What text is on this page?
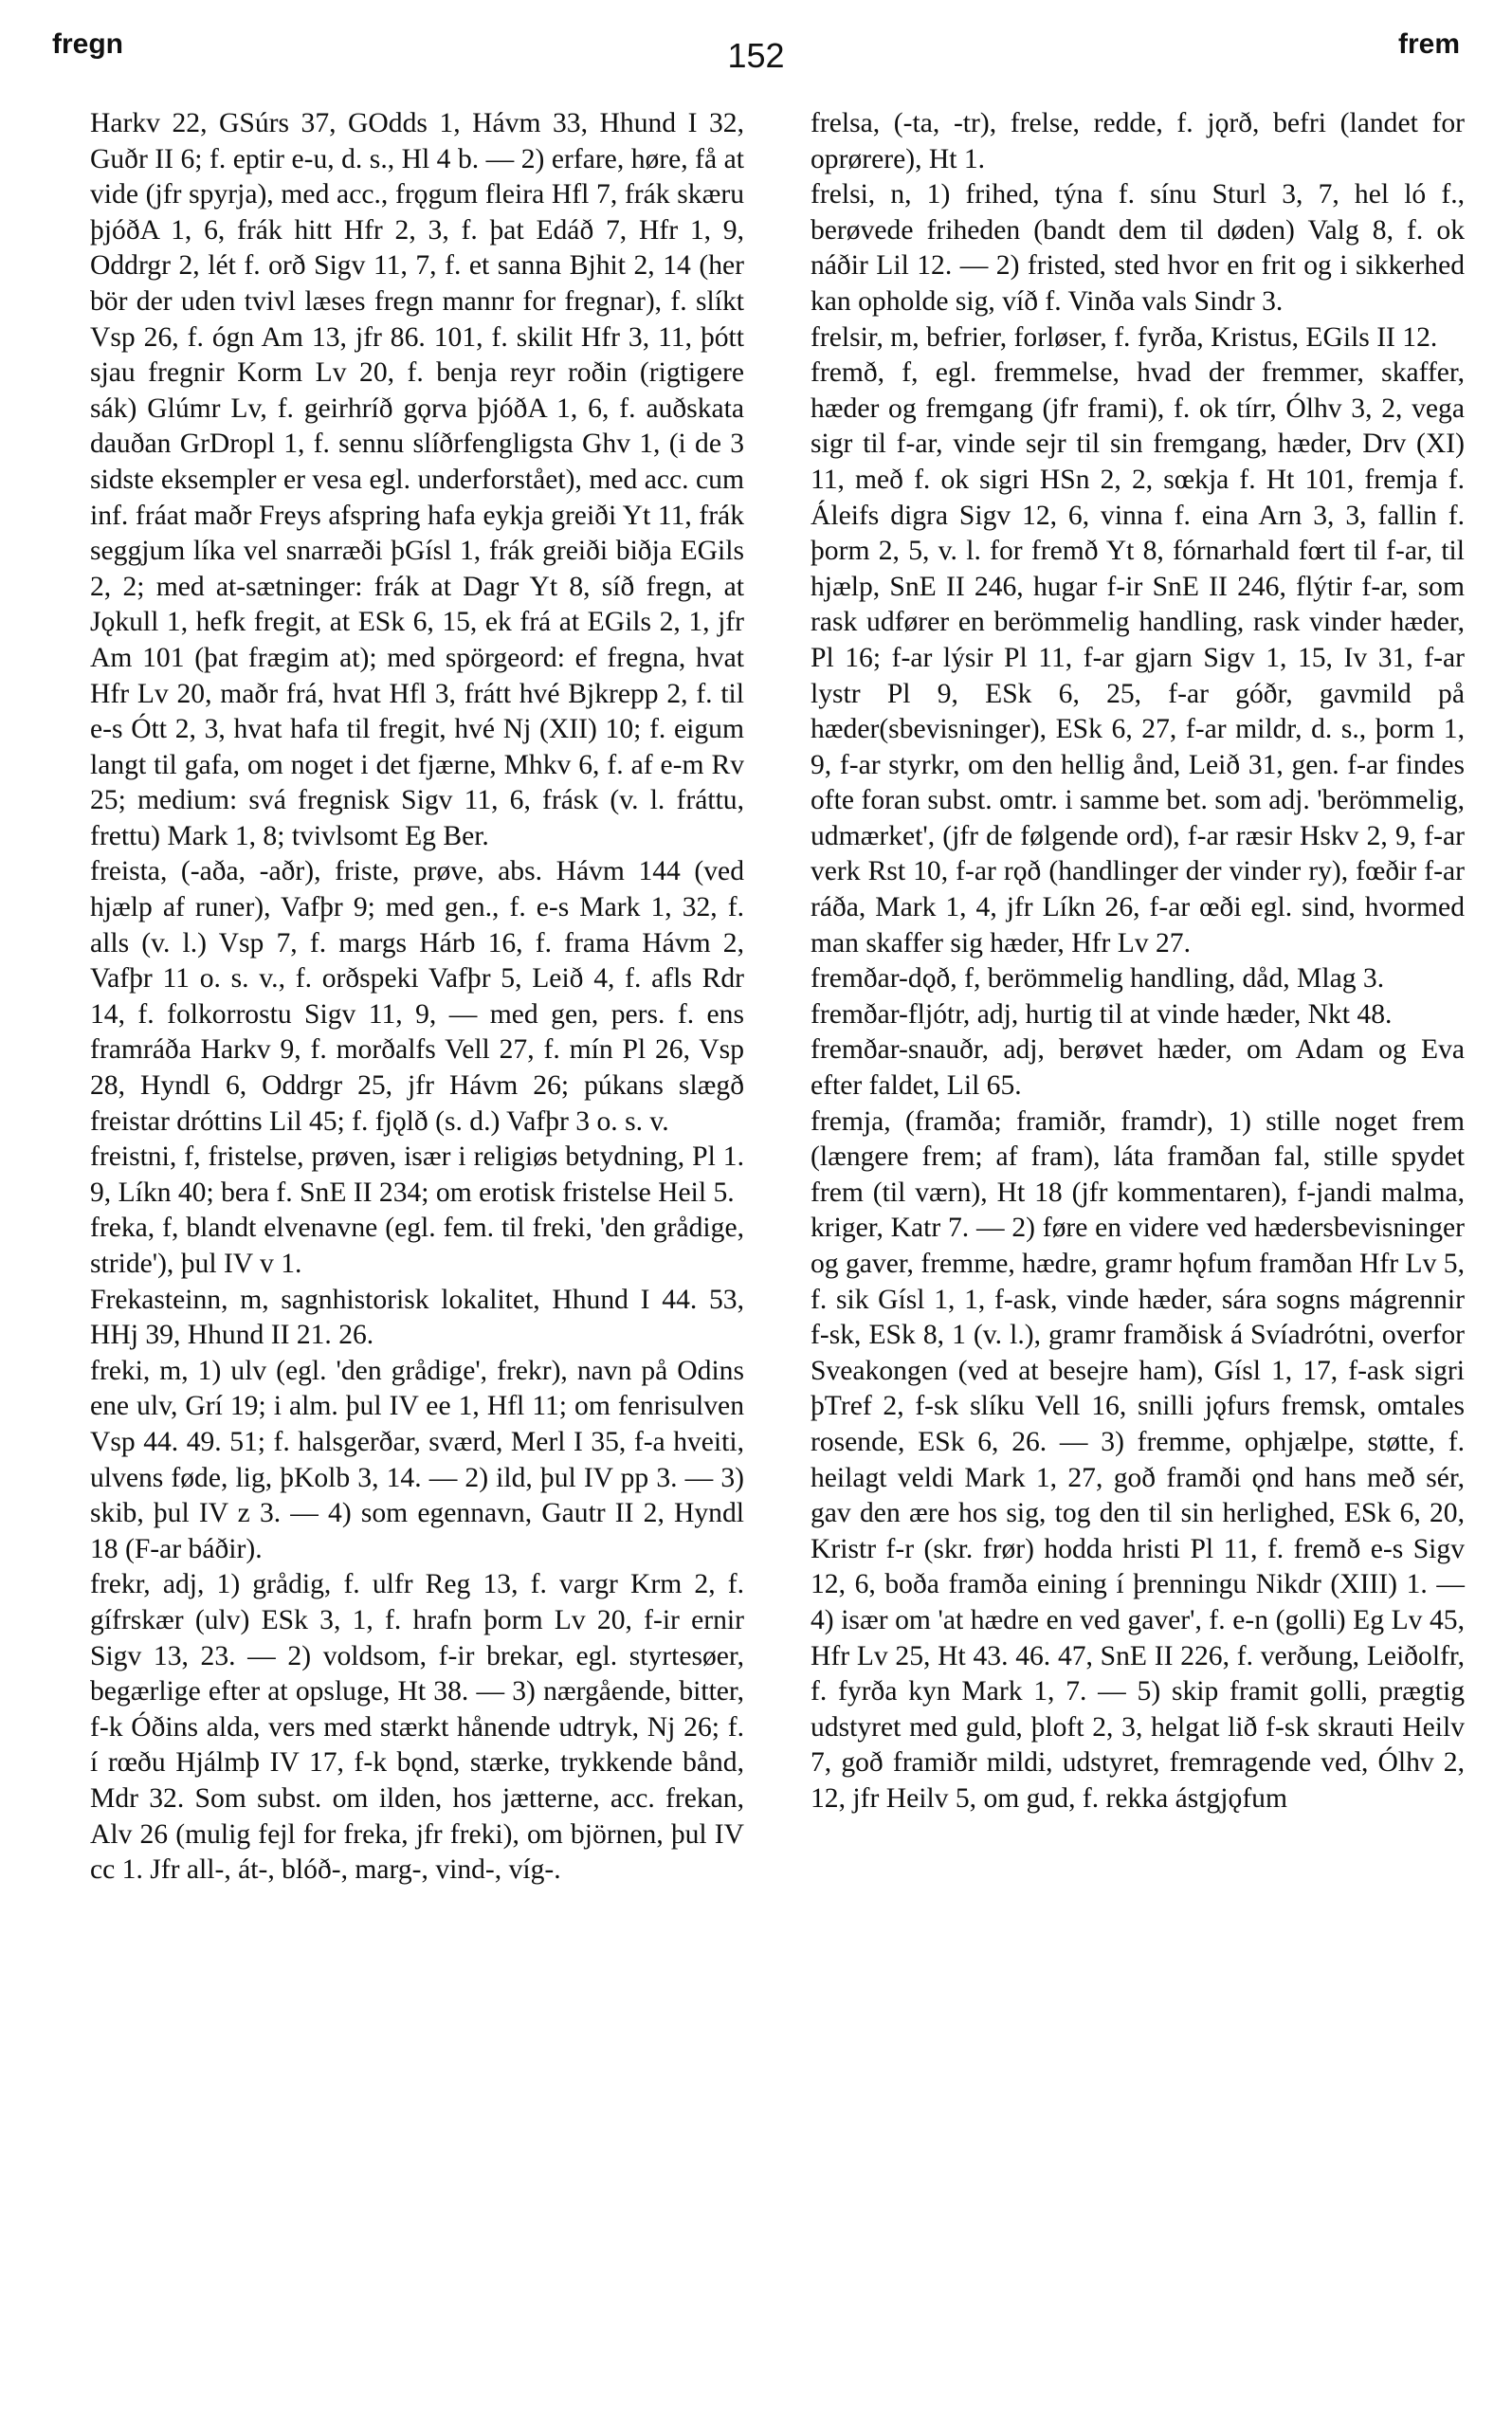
fregn	152	frem

Harkv 22, GSúrs 37, GOdds 1, Hávm 33, Hhund I 32, Guðr II 6; f. eptir e-u, d. s., Hl 4 b. — 2) erfare, høre, få at vide (jfr spyrja), med acc., frǫgum fleira Hfl 7, frák skæru þjóðA 1, 6, frák hitt Hfr 2, 3, f. þat Edáð 7, Hfr 1, 9, Oddrgr 2, lét f. orð Sigv 11, 7, f. et sanna Bjhit 2, 14 (her bör der uden tvivl læses fregn mannr for fregnar), f. slíkt Vsp 26, f. ógn Am 13, jfr 86. 101, f. skilit Hfr 3, 11, þótt sjau fregnir Korm Lv 20, f. benja reyr roðin (rigtigere sák) Glúmr Lv, f. geirhríð gǫrva þjóðA 1, 6, f. auðskata dauðan GrDropl 1, f. sennu slíðrfengligsta Ghv 1, (i de 3 sidste eksempler er vesa egl. underforstået), med acc. cum inf. fráat maðr Freys afspring hafa eykja greiði Yt 11, frák seggjum líka vel snarræði þGísl 1, frák greiði biðja EGils 2, 2; med at-sætninger: frák at Dagr Yt 8, síð fregn, at Jǫkull 1, hefk fregit, at ESk 6, 15, ek frá at EGils 2, 1, jfr Am 101 (þat frægim at); med spörgeord: ef fregna, hvat Hfr Lv 20, maðr frá, hvat Hfl 3, frátt hvé Bjkrepp 2, f. til e-s Ótt 2, 3, hvat hafa til fregit, hvé Nj (XII) 10; f. eigum langt til gafa, om noget i det fjærne, Mhkv 6, f. af e-m Rv 25; medium: svá fregnisk Sigv 11, 6, frásk (v. l. fráttu, frettu) Mark 1, 8; tvivlsomt Eg Ber.

freista, (-aða, -aðr), friste, prøve, abs. Hávm 144 (ved hjælp af runer), Vafþr 9; med gen., f. e-s Mark 1, 32, f. alls (v. l.) Vsp 7, f. margs Hárb 16, f. frama Hávm 2, Vafþr 11 o. s. v., f. orðspeki Vafþr 5, Leið 4, f. afls Rdr 14, f. folkorrostu Sigv 11, 9, — med gen, pers. f. ens framráða Harkv 9, f. morðalfs Vell 27, f. mín Pl 26, Vsp 28, Hyndl 6, Oddrgr 25, jfr Hávm 26; púkans slægð freistar dróttins Lil 45; f. fjǫlð (s. d.) Vafþr 3 o. s. v.

freistni, f, fristelse, prøven, især i religiøs betydning, Pl 1. 9, Líkn 40; bera f. SnE II 234; om erotisk fristelse Heil 5.

freka, f, blandt elvenavne (egl. fem. til freki, 'den grådige, stride'), þul IV v 1.

Frekasteinn, m, sagnhistorisk lokalitet, Hhund I 44. 53, HHj 39, Hhund II 21. 26.

freki, m, 1) ulv (egl. 'den grådige', frekr), navn på Odins ene ulv, Grí 19; i alm. þul IV ee 1, Hfl 11; om fenrisulven Vsp 44. 49. 51; f. halsgerðar, sværd, Merl I 35, f-a hveiti, ulvens føde, lig, þKolb 3, 14. — 2) ild, þul IV pp 3. — 3) skib, þul IV z 3. — 4) som egennavn, Gautr II 2, Hyndl 18 (F-ar báðir).

frekr, adj, 1) grådig, f. ulfr Reg 13, f. vargr Krm 2, f. gífrskær (ulv) ESk 3, 1, f. hrafn þorm Lv 20, f-ir ernir Sigv 13, 23. — 2) voldsom, f-ir brekar, egl. styrtesøer, begærlige efter at opsluge, Ht 38. — 3) nærgående, bitter, f-k Óðins alda, vers med stærkt hånende udtryk, Nj 26; f. í rœðu Hjálmþ IV 17, f-k bǫnd, stærke, trykkende bånd, Mdr 32. Som subst. om ilden, hos jætterne, acc. frekan, Alv 26 (mulig fejl for freka, jfr freki), om björnen, þul IV cc 1. Jfr all-, át-, blóð-, marg-, vind-, víg-.

frelsa, (-ta, -tr), frelse, redde, f. jǫrð, befri (landet for oprørere), Ht 1.

frelsi, n, 1) frihed, týna f. sínu Sturl 3, 7, hel ló f., berøvede friheden (bandt dem til døden) Valg 8, f. ok náðir Lil 12. — 2) fristed, sted hvor en frit og i sikkerhed kan opholde sig, víð f. Vinða vals Sindr 3.

frelsir, m, befrier, forløser, f. fyrða, Kristus, EGils II 12.

fremð, f, egl. fremmelse, hvad der fremmer, skaffer, hæder og fremgang (jfr frami), f. ok tírr, Ólhv 3, 2, vega sigr til f-ar, vinde sejr til sin fremgang, hæder, Drv (XI) 11, með f. ok sigri HSn 2, 2, sœkja f. Ht 101, fremja f. Áleifs digra Sigv 12, 6, vinna f. eina Arn 3, 3, fallin f. þorm 2, 5, v. l. for fremð Yt 8, fórnarhald fœrt til f-ar, til hjælp, SnE II 246, hugar f-ir SnE II 246, flýtir f-ar, som rask udfører en berömmelig handling, rask vinder hæder, Pl 16; f-ar lýsir Pl 11, f-ar gjarn Sigv 1, 15, Iv 31, f-ar lystr Pl 9, ESk 6, 25, f-ar góðr, gavmild på hæder(sbevisninger), ESk 6, 27, f-ar mildr, d. s., þorm 1, 9, f-ar styrkr, om den hellig ånd, Leið 31, gen. f-ar findes ofte foran subst. omtr. i samme bet. som adj. 'berömmelig, udmærket', (jfr de følgende ord), f-ar ræsir Hskv 2, 9, f-ar verk Rst 10, f-ar rǫð (handlinger der vinder ry), fœðir f-ar ráða, Mark 1, 4, jfr Líkn 26, f-ar œði egl. sind, hvormed man skaffer sig hæder, Hfr Lv 27.

fremðar-dǫð, f, berömmelig handling, dåd, Mlag 3.

fremðar-fljótr, adj, hurtig til at vinde hæder, Nkt 48.

fremðar-snauðr, adj, berøvet hæder, om Adam og Eva efter faldet, Lil 65.

fremja, (framða; framiðr, framdr), 1) stille noget frem (længere frem; af fram), láta framðan fal, stille spydet frem (til værn), Ht 18 (jfr kommentaren), f-jandi malma, kriger, Katr 7. — 2) føre en videre ved hædersbevisninger og gaver, fremme, hædre, gramr hǫfum framðan Hfr Lv 5, f. sik Gísl 1, 1, f-ask, vinde hæder, sára sogns mágrennir f-sk, ESk 8, 1 (v. l.), gramr framðisk á Svíadrótni, overfor Sveakongen (ved at besejre ham), Gísl 1, 17, f-ask sigri þTref 2, f-sk slíku Vell 16, snilli jǫfurs fremsk, omtales rosende, ESk 6, 26. — 3) fremme, ophjælpe, støtte, f. heilagt veldi Mark 1, 27, goð framði ǫnd hans með sér, gav den ære hos sig, tog den til sin herlighed, ESk 6, 20, Kristr f-r (skr. frør) hodda hristi Pl 11, f. fremð e-s Sigv 12, 6, boða framða eining í þrenningu Nikdr (XIII) 1. — 4) især om 'at hædre en ved gaver', f. e-n (golli) Eg Lv 45, Hfr Lv 25, Ht 43. 46. 47, SnE II 226, f. verðung, Leiðolfr, f. fyrða kyn Mark 1, 7. — 5) skip framit golli, prægtig udstyret med guld, þloft 2, 3, helgat lið f-sk skrauti Heilv 7, goð framiðr mildi, udstyret, fremragende ved, Ólhv 2, 12, jfr Heilv 5, om gud, f. rekka ástgjǫfum
